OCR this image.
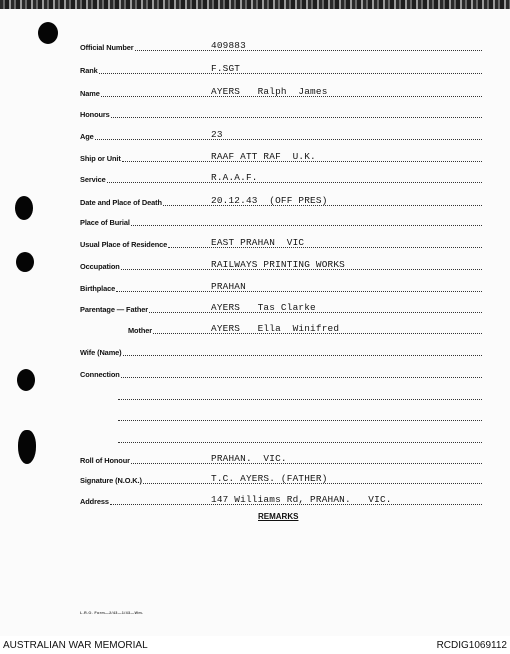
Official Number	409883
Rank	F.SGT
Name	AYERS   Ralph  James
Honours
Age	23
Ship or Unit	RAAF ATT RAF  U.K.
Service	R.A.A.F.
Date and Place of Death	20.12.43  (OFF PRES)
Place of Burial
Usual Place of Residence	EAST PRAHAN  VIC
Occupation	RAILWAYS PRINTING WORKS
Birthplace	PRAHAN
Parentage — Father	AYERS   Tas Clarke
Mother	AYERS   Ella  Winifred
Wife (Name)
Connection
Roll of Honour	PRAHAN.  VIC.
Signature (N.O.K.)	T.C. AYERS. (FATHER)
Address	147 Williams Rd, PRAHAN.   VIC.
REMARKS
L.R.O. Form—2/43—1/43—Wm.
AUSTRALIAN WAR MEMORIAL	RCDIG1069112
